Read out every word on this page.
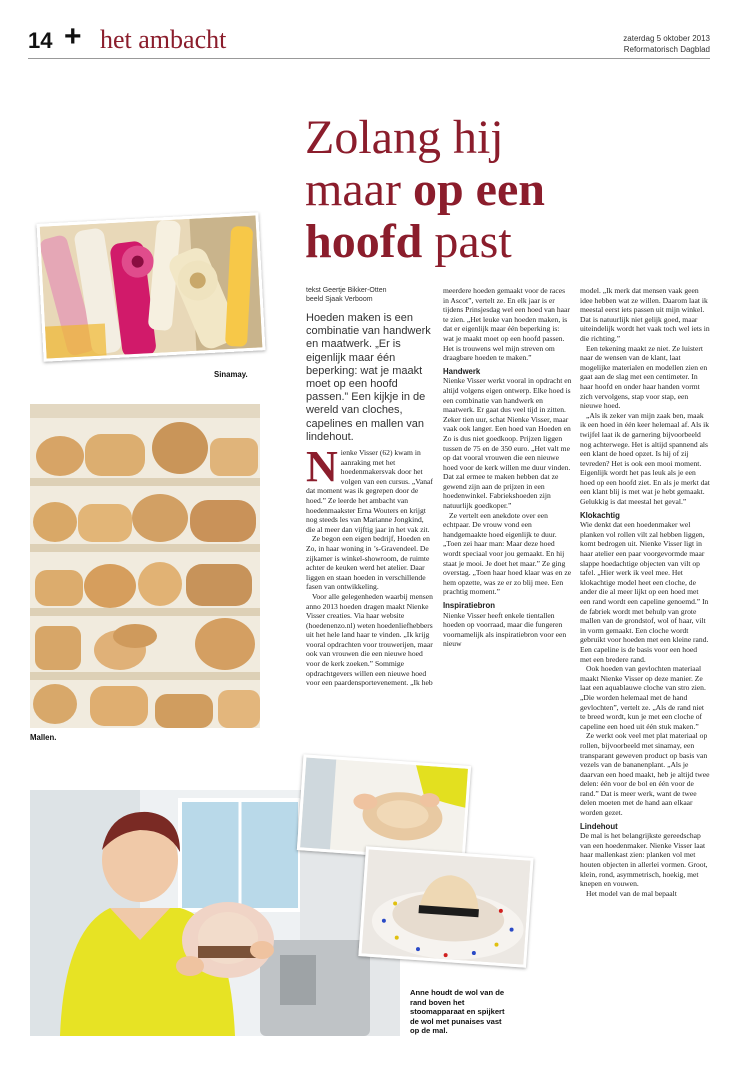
14 + het ambacht	zaterdag 5 oktober 2013
Reformatorisch Dagblad
Zolang hij
maar op een
hoofd past
Sinamay.
Mallen.
tekst Geertje Bikker-Otten
beeld Sjaak Verboom
Hoeden maken is een combinatie van handwerk en maatwerk. „Er is eigenlijk maar één beperking: wat je maakt moet op een hoofd passen.” Een kijkje in de wereld van cloches, capelines en mallen van lindehout.

Nienke Visser (62) kwam in aanraking met het hoedenmakersvak door het volgen van een cursus. „Vanaf dat moment was ik gegrepen door de hoed.” Ze leerde het ambacht van hoedenmaakster Erna Wouters en krijgt nog steeds les van Marianne Jongkind, die al meer dan vijftig jaar in het vak zit.

Ze begon een eigen bedrijf, Hoeden en Zo, in haar woning in ’s-Gravendeel. De zijkamer is winkel-showroom, de ruimte achter de keuken werd het atelier. Daar liggen en staan hoeden in verschillende fasen van ontwikkeling.

Voor alle gelegenheden waarbij mensen anno 2013 hoeden dragen maakt Nienke Visser creaties. Via haar website (hoedenenzo.nl) weten hoedenliefhebbers uit het hele land haar te vinden. „Ik krijg vooral opdrachten voor trouwerijen, maar ook van vrouwen die een nieuwe hoed voor de kerk zoeken.” Sommige opdrachtgevers willen een nieuwe hoed voor een paardensportevenement. „Ik heb

meerdere hoeden gemaakt voor de races in Ascot”, vertelt ze. En elk jaar is er tijdens Prinsjesdag wel een hoed van haar te zien. „Het leuke van hoeden maken, is dat er eigenlijk maar één beperking is: wat je maakt moet op een hoofd passen. Het is trouwens wel mijn streven om draagbare hoeden te maken.”

Handwerk

Nienke Visser werkt vooral in opdracht en altijd volgens eigen ontwerp. Elke hoed is een combinatie van handwerk en maatwerk. Er gaat dus veel tijd in zitten. Zeker tien uur, schat Nienke Visser, maar vaak ook langer. Een hoed van Hoeden en Zo is dus niet goedkoop. Prijzen liggen tussen de 75 en de 350 euro. „Het valt me op dat vooral vrouwen die een nieuwe hoed voor de kerk willen me duur vinden. Dat zal ermee te maken hebben dat ze gewend zijn aan de prijzen in een hoedenwinkel. Fabriekshoeden zijn natuurlijk goedkoper.”

Ze vertelt een anekdote over een echtpaar. De vrouw vond een handgemaakte hoed eigenlijk te duur. „Toen zei haar man: Maar deze hoed wordt speciaal voor jou gemaakt. En hij staat je mooi. Je doet het maar.” Ze ging overstag. „Toen haar hoed klaar was en ze hem opzette, was ze er zo blij mee. Een prachtig moment.”

Inspiratiebron

Nienke Visser heeft enkele tientallen hoeden op voorraad, maar die fungeren voornamelijk als inspiratiebron voor een nieuw

model. „Ik merk dat mensen vaak geen idee hebben wat ze willen. Daarom laat ik meestal eerst iets passen uit mijn winkel. Dat is natuurlijk niet gelijk goed, maar uiteindelijk wordt het vaak toch wel iets in die richting.”

Een tekening maakt ze niet. Ze luistert naar de wensen van de klant, laat mogelijke materialen en modellen zien en gaat aan de slag met een centimeter. In haar hoofd en onder haar handen vormt zich vervolgens, stap voor stap, een nieuwe hoed.

„Als ik zeker van mijn zaak ben, maak ik een hoed in één keer helemaal af. Als ik twijfel laat ik de garnering bijvoorbeeld nog achterwege. Het is altijd spannend als een klant de hoed opzet. Is hij of zij tevreden? Het is ook een mooi moment. Eigenlijk wordt het pas leuk als je een hoed op een hoofd ziet. En als je merkt dat een klant blij is met wat je hebt gemaakt. Gelukkig is dat meestal het geval.”

Klokachtig

Wie denkt dat een hoedenmaker wel planken vol rollen vilt zal hebben liggen, komt bedrogen uit. Nienke Visser ligt in haar atelier een paar voorgevormde maar slappe hoedachtige objecten van vilt op tafel. „Hier werk ik veel mee. Het klokachtige model heet een cloche, de ander die al meer lijkt op een hoed met een rand wordt een capeline genoemd.” In de fabriek wordt met behulp van grote mallen van de grondstof, wol of haar, vilt in vorm gemaakt. Een cloche wordt gebruikt voor hoeden met een kleine rand. Een capeline is de basis voor een hoed met een bredere rand.

Ook hoeden van gevlochten materiaal maakt Nienke Visser op deze manier. Ze laat een aquablauwe cloche van stro zien. „Die worden helemaal met de hand gevlochten”, vertelt ze. „Als de rand niet te breed wordt, kun je met een cloche of capeline een hoed uit één stuk maken.”

Ze werkt ook veel met plat materiaal op rollen, bijvoorbeeld met sinamay, een transparant geweven product op basis van vezels van de bananenplant. „Als je daarvan een hoed maakt, heb je altijd twee delen: één voor de bol en één voor de rand.” Dat is meer werk, want de twee delen moeten met de hand aan elkaar worden gezet.

Lindehout

De mal is het belangrijkste gereedschap van een hoedenmaker. Nienke Visser laat haar mallenkast zien: planken vol met houten objecten in allerlei vormen. Groot, klein, rond, asymmetrisch, hoekig, met knepen en vouwen.

Het model van de mal bepaalt

Anne houdt de wol van de rand boven het stoomapparaat en spijkert de wol met punaises vast op de mal.
